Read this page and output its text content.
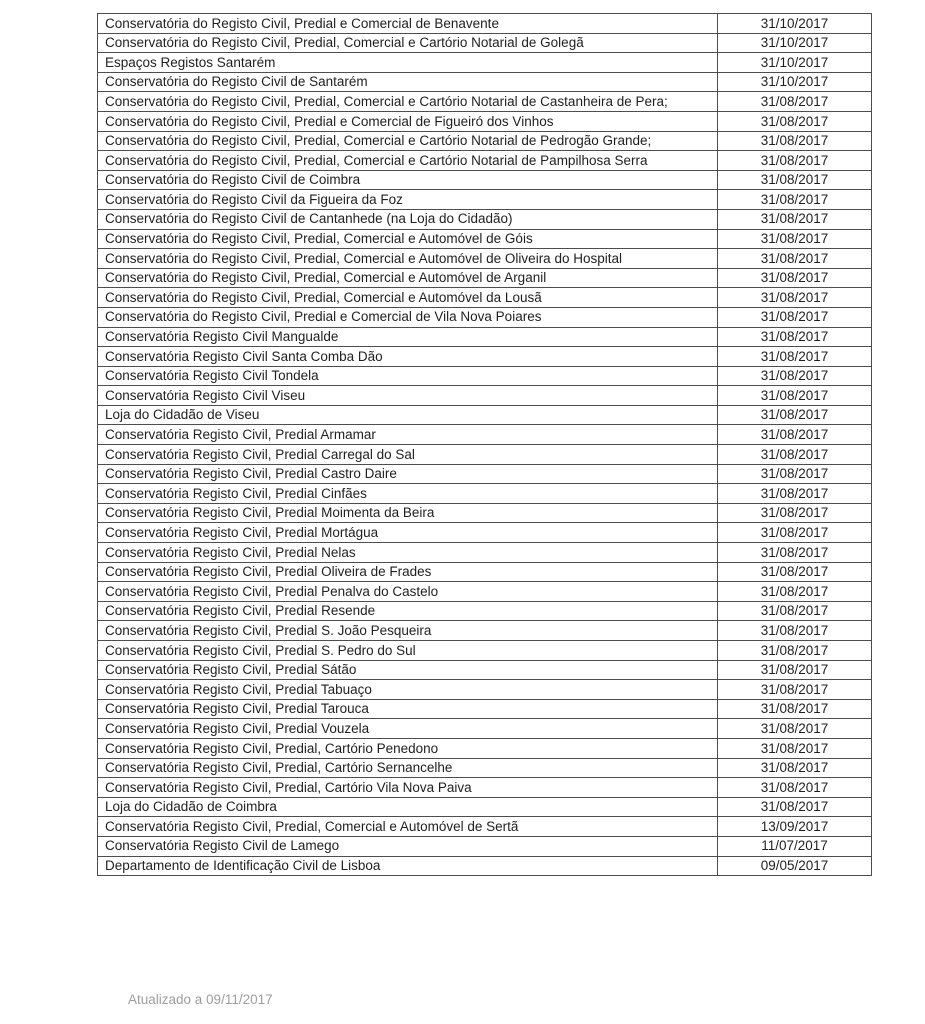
Conservatória do Registo Civil, Predial e Comercial de Benavente	31/10/2017
Conservatória do Registo Civil, Predial, Comercial e Cartório Notarial de Golegã	31/10/2017
Espaços Registos Santarém	31/10/2017
Conservatória do Registo Civil de Santarém	31/10/2017
Conservatória do Registo Civil, Predial, Comercial e Cartório Notarial de Castanheira de Pera;	31/08/2017
Conservatória do Registo Civil, Predial e Comercial de Figueiró dos Vinhos	31/08/2017
Conservatória do Registo Civil, Predial, Comercial e Cartório Notarial de Pedrogão Grande;	31/08/2017
Conservatória do Registo Civil, Predial, Comercial e Cartório Notarial de Pampilhosa Serra	31/08/2017
Conservatória do Registo Civil de Coimbra	31/08/2017
Conservatória do Registo Civil da Figueira da Foz	31/08/2017
Conservatória do Registo Civil de Cantanhede (na Loja do Cidadão)	31/08/2017
Conservatória do Registo Civil, Predial, Comercial e Automóvel de Góis	31/08/2017
Conservatória do Registo Civil, Predial, Comercial e Automóvel de Oliveira do Hospital	31/08/2017
Conservatória do Registo Civil, Predial, Comercial e Automóvel de Arganil	31/08/2017
Conservatória do Registo Civil, Predial, Comercial e Automóvel da Lousã	31/08/2017
Conservatória do Registo Civil, Predial e Comercial de Vila Nova Poiares	31/08/2017
Conservatória Registo Civil Mangualde	31/08/2017
Conservatória Registo Civil Santa Comba Dão	31/08/2017
Conservatória Registo Civil Tondela	31/08/2017
Conservatória Registo Civil Viseu	31/08/2017
Loja do Cidadão de Viseu	31/08/2017
Conservatória Registo Civil, Predial Armamar	31/08/2017
Conservatória Registo Civil, Predial Carregal do Sal	31/08/2017
Conservatória Registo Civil, Predial Castro Daire	31/08/2017
Conservatória Registo Civil, Predial Cinfães	31/08/2017
Conservatória Registo Civil, Predial Moimenta da Beira	31/08/2017
Conservatória Registo Civil, Predial Mortágua	31/08/2017
Conservatória Registo Civil, Predial Nelas	31/08/2017
Conservatória Registo Civil, Predial Oliveira de Frades	31/08/2017
Conservatória Registo Civil, Predial Penalva do Castelo	31/08/2017
Conservatória Registo Civil, Predial Resende	31/08/2017
Conservatória Registo Civil, Predial S. João Pesqueira	31/08/2017
Conservatória Registo Civil, Predial S. Pedro do Sul	31/08/2017
Conservatória Registo Civil, Predial Sátão	31/08/2017
Conservatória Registo Civil, Predial Tabuaço	31/08/2017
Conservatória Registo Civil, Predial Tarouca	31/08/2017
Conservatória Registo Civil, Predial Vouzela	31/08/2017
Conservatória Registo Civil, Predial, Cartório Penedono	31/08/2017
Conservatória Registo Civil, Predial, Cartório Sernancelhe	31/08/2017
Conservatória Registo Civil, Predial, Cartório Vila Nova Paiva	31/08/2017
Loja do Cidadão de Coimbra	31/08/2017
Conservatória Registo Civil, Predial, Comercial e Automóvel de Sertã	13/09/2017
Conservatória Registo Civil de Lamego	11/07/2017
Departamento de Identificação Civil de Lisboa	09/05/2017
Atualizado a 09/11/2017
